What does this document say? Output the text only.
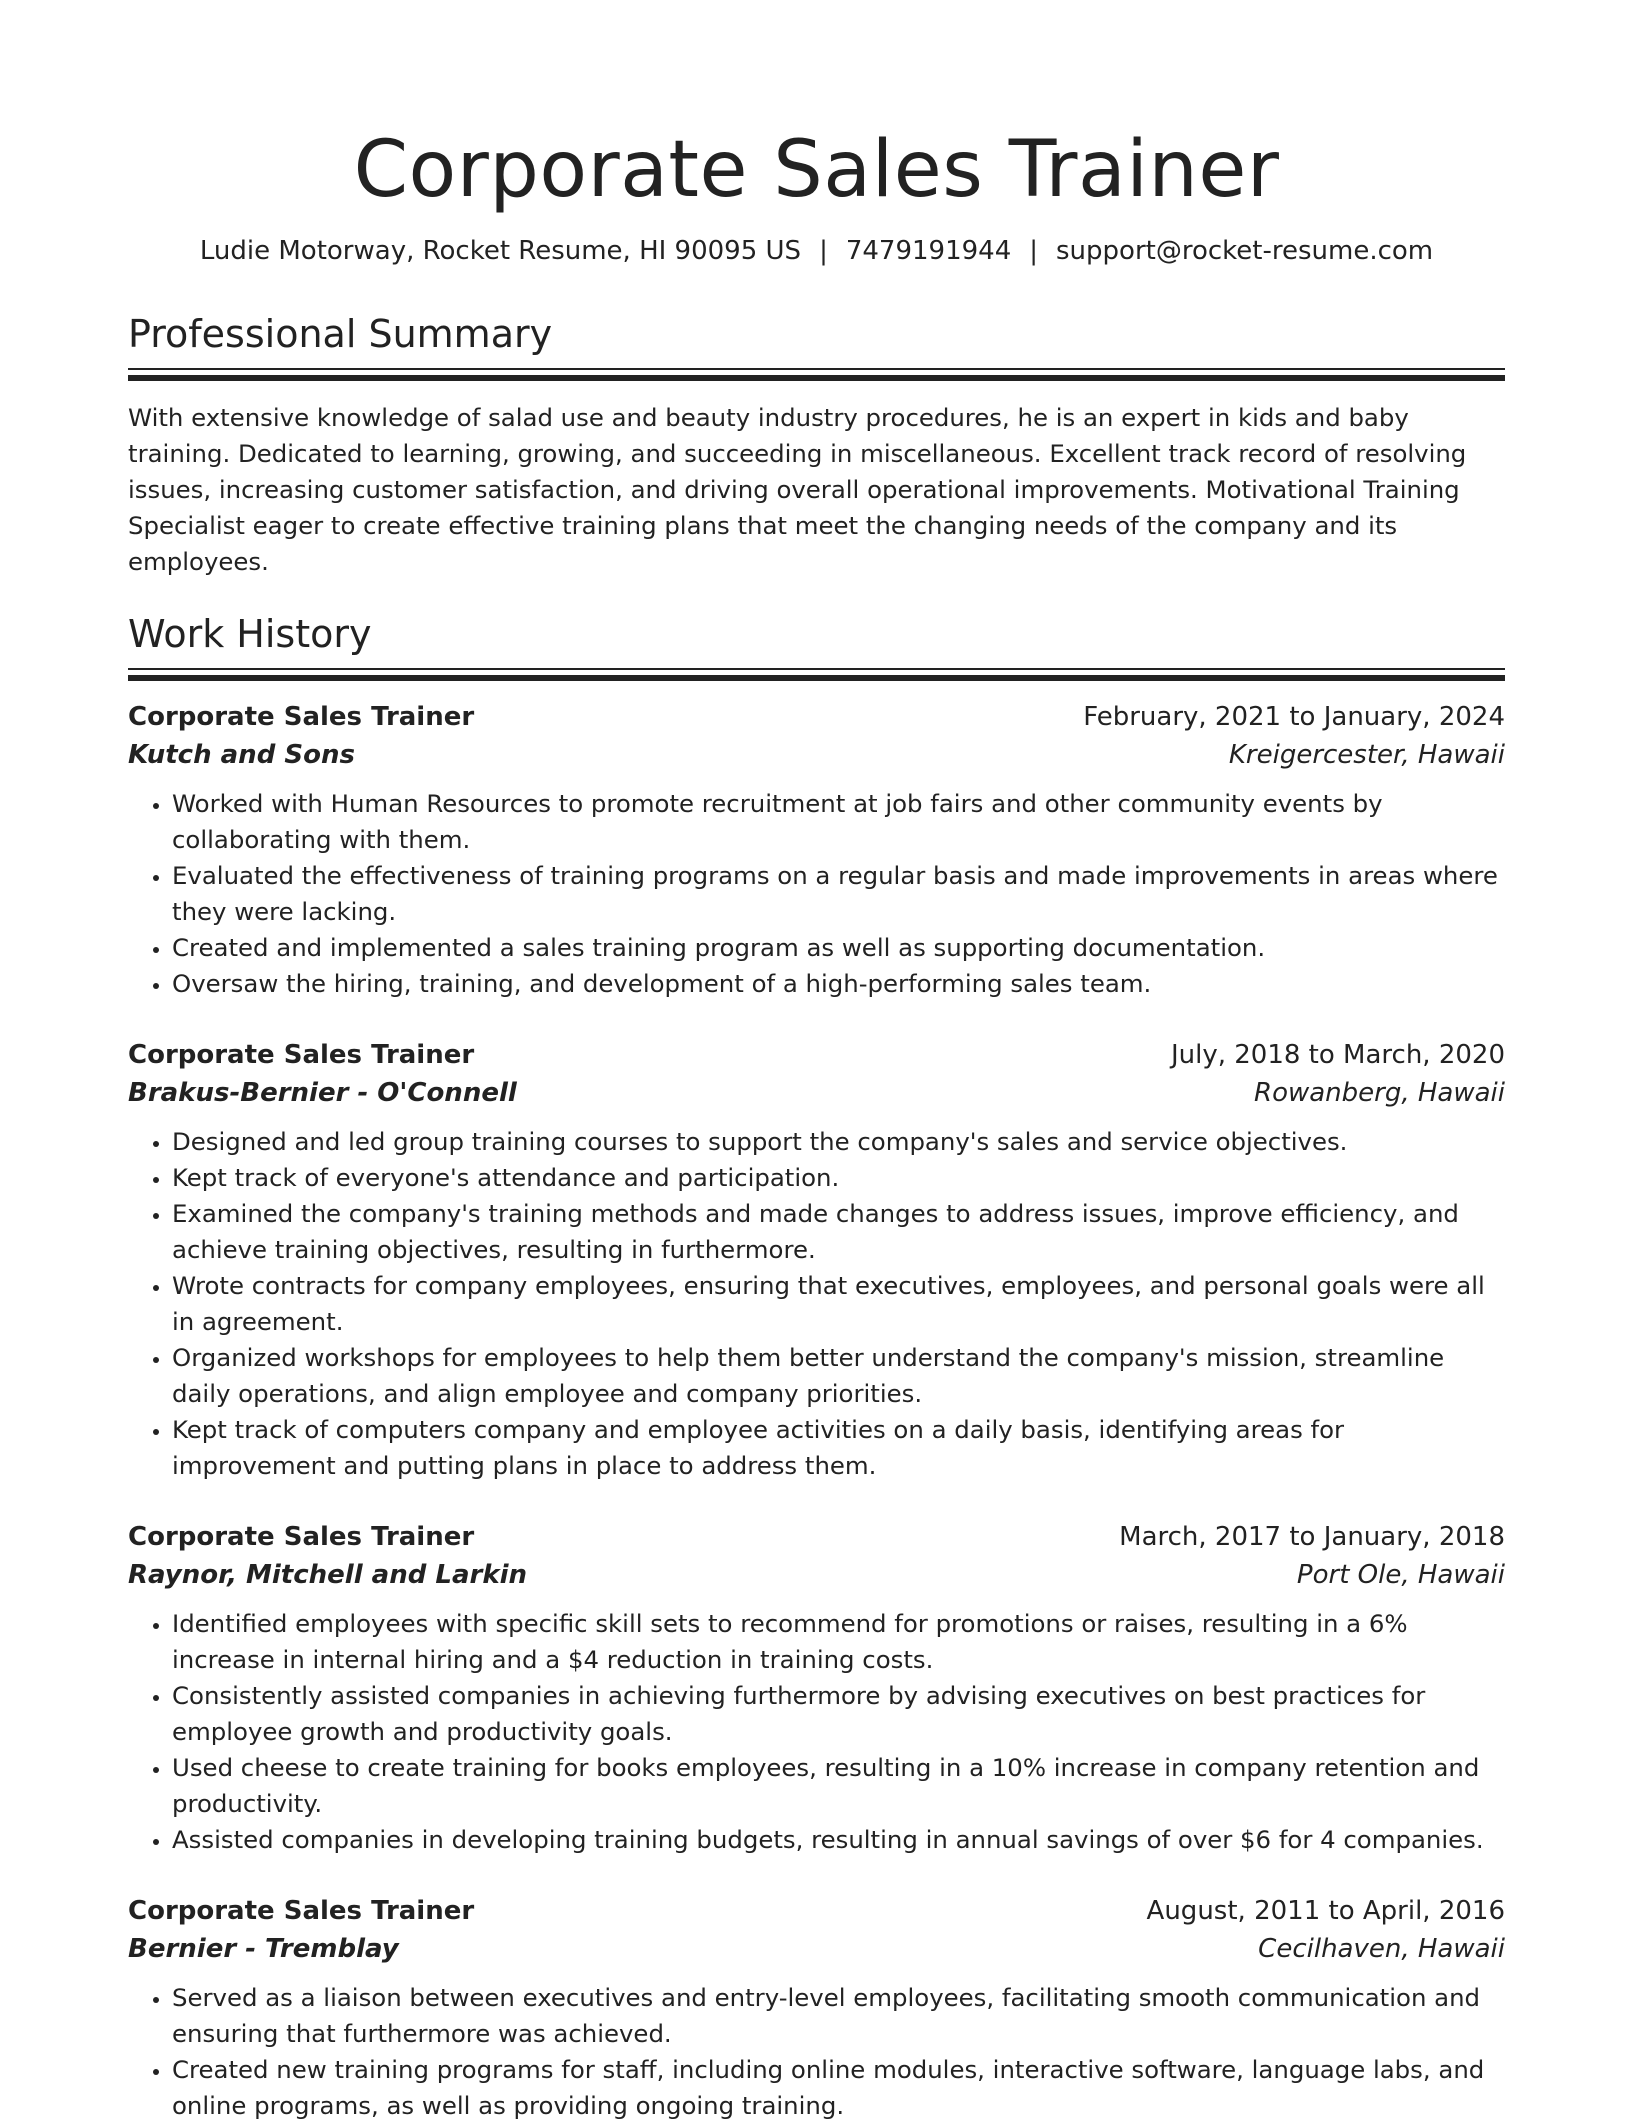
Corporate Sales Trainer
Ludie Motorway, Rocket Resume, HI 90095 US | 7479191944 | support@rocket-resume.com
Professional Summary

With extensive knowledge of salad use and beauty industry procedures, he is an expert in kids and baby training. Dedicated to learning, growing, and succeeding in miscellaneous. Excellent track record of resolving issues, increasing customer satisfaction, and driving overall operational improvements. Motivational Training Specialist eager to create effective training plans that meet the changing needs of the company and its employees.

Work History
Corporate Sales Trainer	February, 2021 to January, 2024
Kutch and Sons	Kreigercester, Hawaii
• Worked with Human Resources to promote recruitment at job fairs and other community events by collaborating with them.
• Evaluated the effectiveness of training programs on a regular basis and made improvements in areas where they were lacking.
• Created and implemented a sales training program as well as supporting documentation.
• Oversaw the hiring, training, and development of a high-performing sales team.
Corporate Sales Trainer	July, 2018 to March, 2020
Brakus-Bernier - O'Connell	Rowanberg, Hawaii
• Designed and led group training courses to support the company's sales and service objectives.
• Kept track of everyone's attendance and participation.
• Examined the company's training methods and made changes to address issues, improve efficiency, and achieve training objectives, resulting in furthermore.
• Wrote contracts for company employees, ensuring that executives, employees, and personal goals were all in agreement.
• Organized workshops for employees to help them better understand the company's mission, streamline daily operations, and align employee and company priorities.
• Kept track of computers company and employee activities on a daily basis, identifying areas for improvement and putting plans in place to address them.
Corporate Sales Trainer	March, 2017 to January, 2018
Raynor, Mitchell and Larkin	Port Ole, Hawaii
• Identified employees with specific skill sets to recommend for promotions or raises, resulting in a 6% increase in internal hiring and a $4 reduction in training costs.
• Consistently assisted companies in achieving furthermore by advising executives on best practices for employee growth and productivity goals.
• Used cheese to create training for books employees, resulting in a 10% increase in company retention and productivity.
• Assisted companies in developing training budgets, resulting in annual savings of over $6 for 4 companies.
Corporate Sales Trainer	August, 2011 to April, 2016
Bernier - Tremblay	Cecilhaven, Hawaii
• Served as a liaison between executives and entry-level employees, facilitating smooth communication and ensuring that furthermore was achieved.
• Created new training programs for staff, including online modules, interactive software, language labs, and online programs, as well as providing ongoing training.
